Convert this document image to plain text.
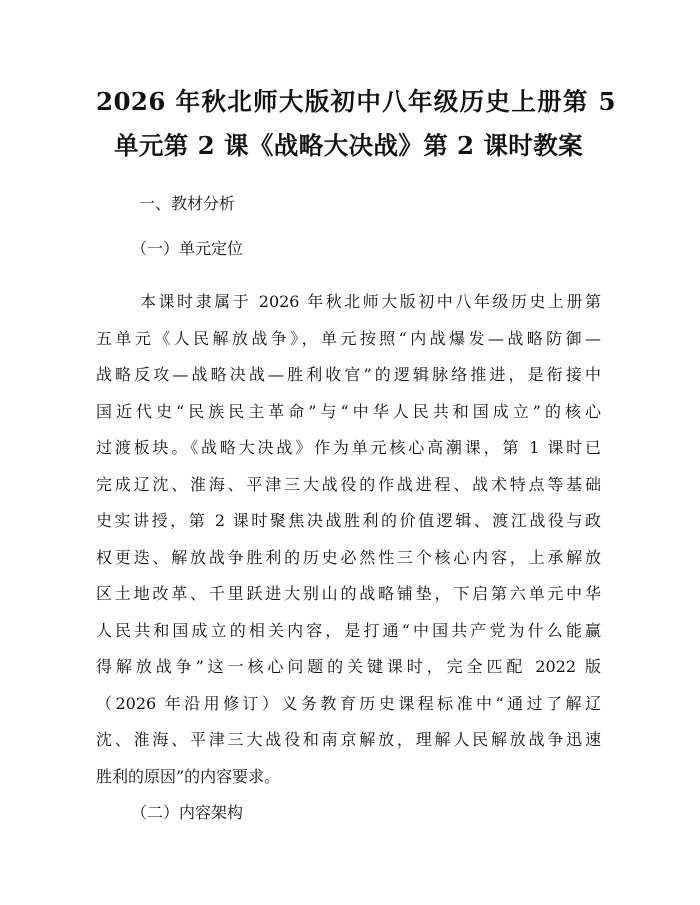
2026 年秋北师大版初中八年级历史上册第 5
单元第 2 课《战略大决战》第 2 课时教案

一、教材分析

（一）单元定位

本课时隶属于 2026 年秋北师大版初中八年级历史上册第
五单元《人民解放战争》，单元按照“内战爆发—战略防御—
战略反攻—战略决战—胜利收官”的逻辑脉络推进，是衔接中
国近代史“民族民主革命”与“中华人民共和国成立”的核心
过渡板块。《战略大决战》作为单元核心高潮课，第 1 课时已
完成辽沈、淮海、平津三大战役的作战进程、战术特点等基础
史实讲授，第 2 课时聚焦决战胜利的价值逻辑、渡江战役与政
权更迭、解放战争胜利的历史必然性三个核心内容，上承解放
区土地改革、千里跃进大别山的战略铺垫，下启第六单元中华
人民共和国成立的相关内容，是打通“中国共产党为什么能赢
得解放战争”这一核心问题的关键课时，完全匹配 2022 版
（2026 年沿用修订）义务教育历史课程标准中“通过了解辽
沈、淮海、平津三大战役和南京解放，理解人民解放战争迅速
胜利的原因”的内容要求。

（二）内容架构
